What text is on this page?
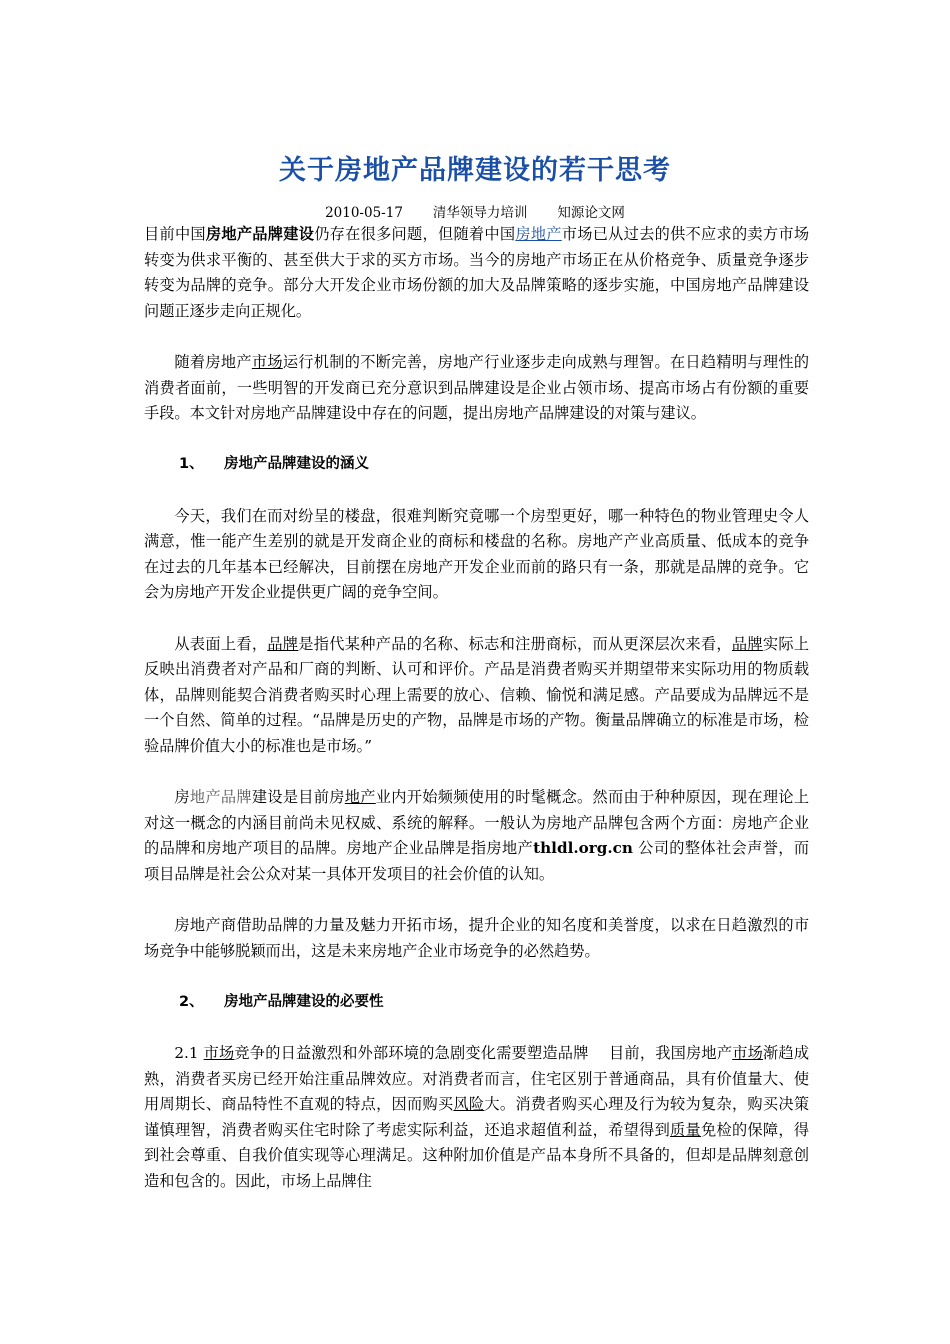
关于房地产品牌建设的若干思考
2010-05-17 清华领导力培训 知源论文网

目前中国房地产品牌建设仍存在很多问题，但随着中国房地产市场已从过去的供不应求的卖方市场转变为供求平衡的、甚至供大于求的买方市场。当今的房地产市场正在从价格竞争、质量竞争逐步转变为品牌的竞争。部分大开发企业市场份额的加大及品牌策略的逐步实施，中国房地产品牌建设问题正逐步走向正规化。

随着房地产市场运行机制的不断完善，房地产行业逐步走向成熟与理智。在日趋精明与理性的消费者面前，一些明智的开发商已充分意识到品牌建设是企业占领市场、提高市场占有份额的重要手段。本文针对房地产品牌建设中存在的问题，提出房地产品牌建设的对策与建议。

1、 房地产品牌建设的涵义

今天，我们在而对纷呈的楼盘，很难判断究竟哪一个房型更好，哪一种特色的物业管理史令人满意，惟一能产生差别的就是开发商企业的商标和楼盘的名称。房地产产业高质量、低成本的竞争在过去的几年基本已经解决，目前摆在房地产开发企业而前的路只有一条，那就是品牌的竞争。它会为房地产开发企业提供更广阔的竞争空间。

从表面上看，品牌是指代某种产品的名称、标志和注册商标，而从更深层次来看，品牌实际上反映出消费者对产品和厂商的判断、认可和评价。产品是消费者购买并期望带来实际功用的物质载体，品牌则能契合消费者购买时心理上需要的放心、信赖、愉悦和满足感。产品要成为品牌远不是一个自然、简单的过程。“品牌是历史的产物，品牌是市场的产物。衡量品牌确立的标准是市场，检验品牌价值大小的标准也是市场。”

房地产品牌建设是目前房地产业内开始频频使用的时髦概念。然而由于种种原因，现在理论上对这一概念的内涵目前尚未见权威、系统的解释。一般认为房地产品牌包含两个方面：房地产企业的品牌和房地产项目的品牌。房地产企业品牌是指房地产thldl.org.cn 公司的整体社会声誉，而项目品牌是社会公众对某一具体开发项目的社会价值的认知。

房地产商借助品牌的力量及魅力开拓市场，提升企业的知名度和美誉度，以求在日趋激烈的市场竞争中能够脱颖而出，这是未来房地产企业市场竞争的必然趋势。

2、 房地产品牌建设的必要性

2.1 市场竞争的日益激烈和外部环境的急剧变化需要塑造品牌　 目前，我国房地产市场渐趋成熟，消费者买房已经开始注重品牌效应。对消费者而言，住宅区别于普通商品，具有价值量大、使用周期长、商品特性不直观的特点，因而购买风险大。消费者购买心理及行为较为复杂，购买决策谨慎理智，消费者购买住宅时除了考虑实际利益，还追求超值利益，希望得到质量免检的保障，得到社会尊重、自我价值实现等心理满足。这种附加价值是产品本身所不具备的，但却是品牌刻意创造和包含的。因此，市场上品牌住
